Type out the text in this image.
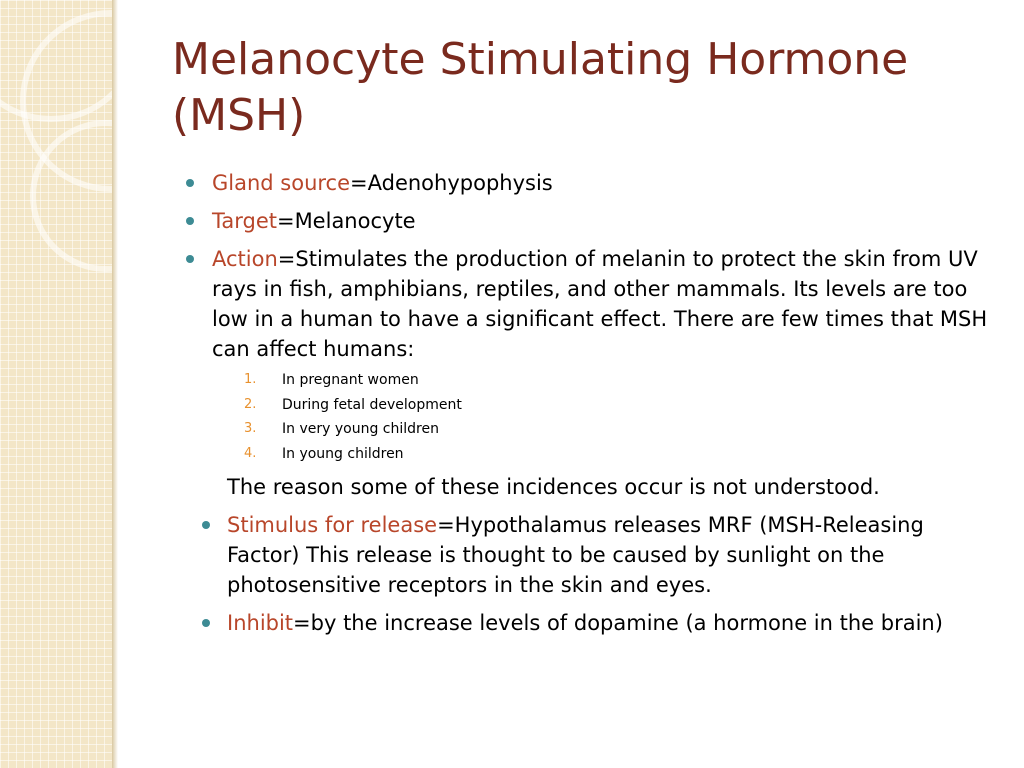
Melanocyte Stimulating Hormone (MSH)
Gland source=Adenohypophysis
Target=Melanocyte
Action=Stimulates the production of melanin to protect the skin from UV rays in fish, amphibians, reptiles, and other mammals. Its levels are too low in a human to have a significant effect. There are few times that MSH can affect humans:
1. In pregnant women
2. During fetal development
3. In very young children
4. In young children
The reason some of these incidences occur is not understood.
Stimulus for release=Hypothalamus releases MRF (MSH-Releasing Factor) This release is thought to be caused by sunlight on the photosensitive receptors in the skin and eyes.
Inhibit=by the increase levels of dopamine (a hormone in the brain)
